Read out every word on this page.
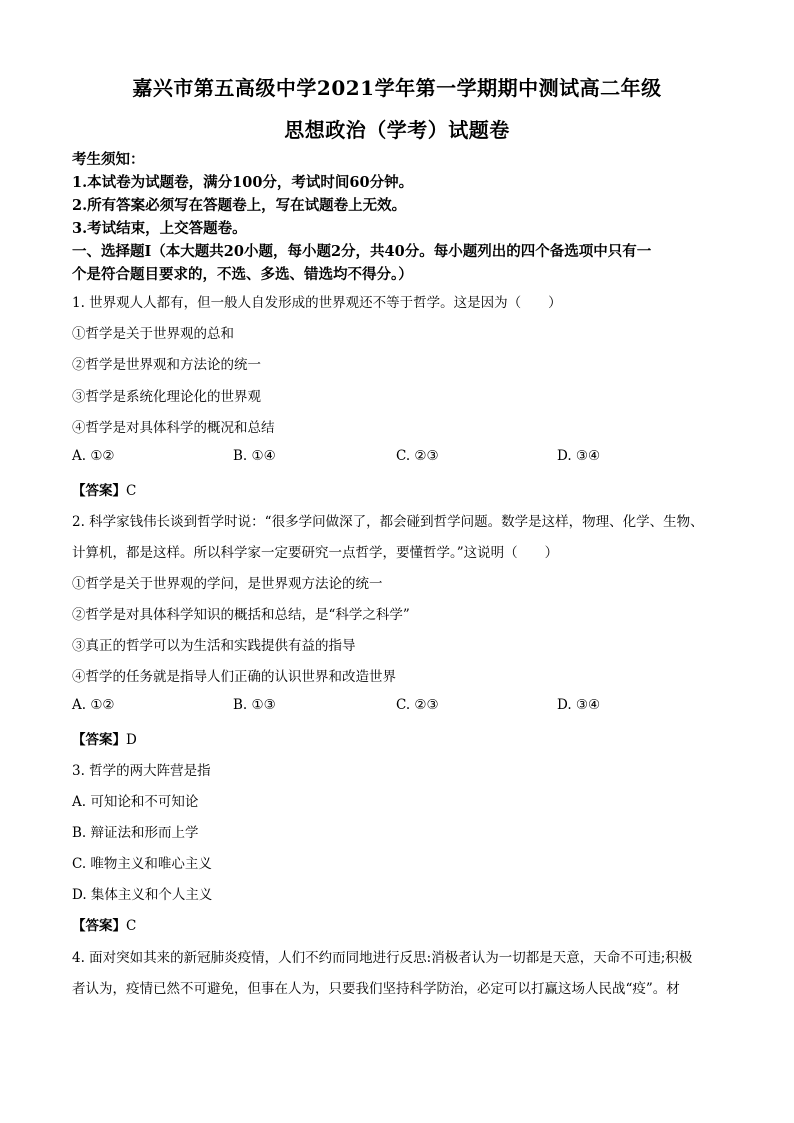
嘉兴市第五高级中学2021学年第一学期期中测试高二年级
思想政治（学考）试题卷
考生须知：
1.本试卷为试题卷，满分100分，考试时间60分钟。
2.所有答案必须写在答题卷上，写在试题卷上无效。
3.考试结束，上交答题卷。
一、选择题Ⅰ（本大题共20小题，每小题2分，共40分。每小题列出的四个备选项中只有一
个是符合题目要求的，不选、多选、错选均不得分。）
1. 世界观人人都有，但一般人自发形成的世界观还不等于哲学。这是因为（　　）
①哲学是关于世界观的总和
②哲学是世界观和方法论的统一
③哲学是系统化理论化的世界观
④哲学是对具体科学的概况和总结
A. ①②	B. ①④	C. ②③	D. ③④
【答案】C
2. 科学家钱伟长谈到哲学时说：“很多学问做深了，都会碰到哲学问题。数学是这样，物理、化学、生物、
计算机，都是这样。所以科学家一定要研究一点哲学，要懂哲学。”这说明（　　）
①哲学是关于世界观的学问，是世界观方法论的统一
②哲学是对具体科学知识的概括和总结，是“科学之科学”
③真正的哲学可以为生活和实践提供有益的指导
④哲学的任务就是指导人们正确的认识世界和改造世界
A. ①②	B. ①③	C. ②③	D. ③④
【答案】D
3. 哲学的两大阵营是指
A. 可知论和不可知论
B. 辩证法和形而上学
C. 唯物主义和唯心主义
D. 集体主义和个人主义
【答案】C
4. 面对突如其来的新冠肺炎疫情，人们不约而同地进行反思:消极者认为一切都是天意，天命不可违;积极
者认为，疫情已然不可避免，但事在人为，只要我们坚持科学防治，必定可以打赢这场人民战“疫”。材
